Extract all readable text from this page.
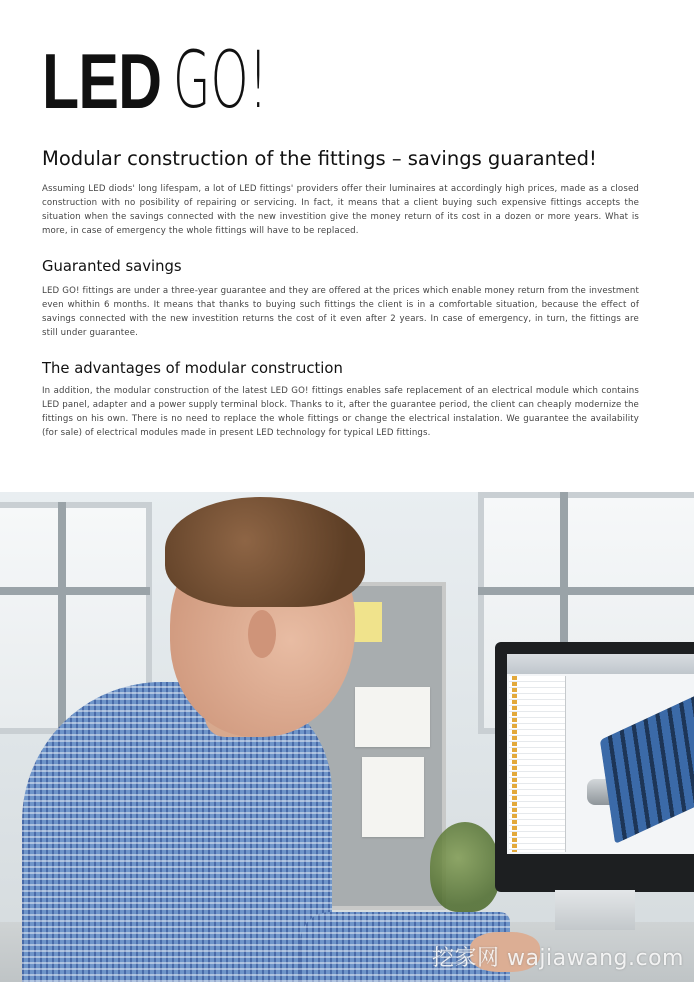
LED GO!
Modular construction of the fittings – savings guaranted!

Assuming LED diods' long lifespam, a lot of LED fittings' providers offer their luminaires at accordingly high prices, made as a closed construction with no posibility of repairing or servicing. In fact, it means that a client buying such expensive fittings accepts the situation when the savings connected with the new investition give the money return of its cost in a dozen or more years. What is more, in case of emergency the whole fittings will have to be replaced.

Guaranted savings

LED GO! fittings are under a three-year guarantee and they are offered at the prices which enable money return from the investment even whithin 6 months. It means that thanks to buying such fittings the client is in a comfortable situation, because the effect of savings connected with the new investition returns the cost of it even after 2 years. In case of emergency, in turn, the fittings are still under guarantee.

The advantages of modular construction

In addition, the modular construction of the latest LED GO! fittings enables safe replacement of an electrical module which contains LED panel, adapter and a power supply terminal block. Thanks to it, after the guarantee period, the client can cheaply modernize the fittings on his own. There is no need to replace the whole fittings or change the electrical instalation. We guarantee the availability (for sale) of electrical modules made in present LED technology for typical LED fittings.

挖家网 wajiawang.com
